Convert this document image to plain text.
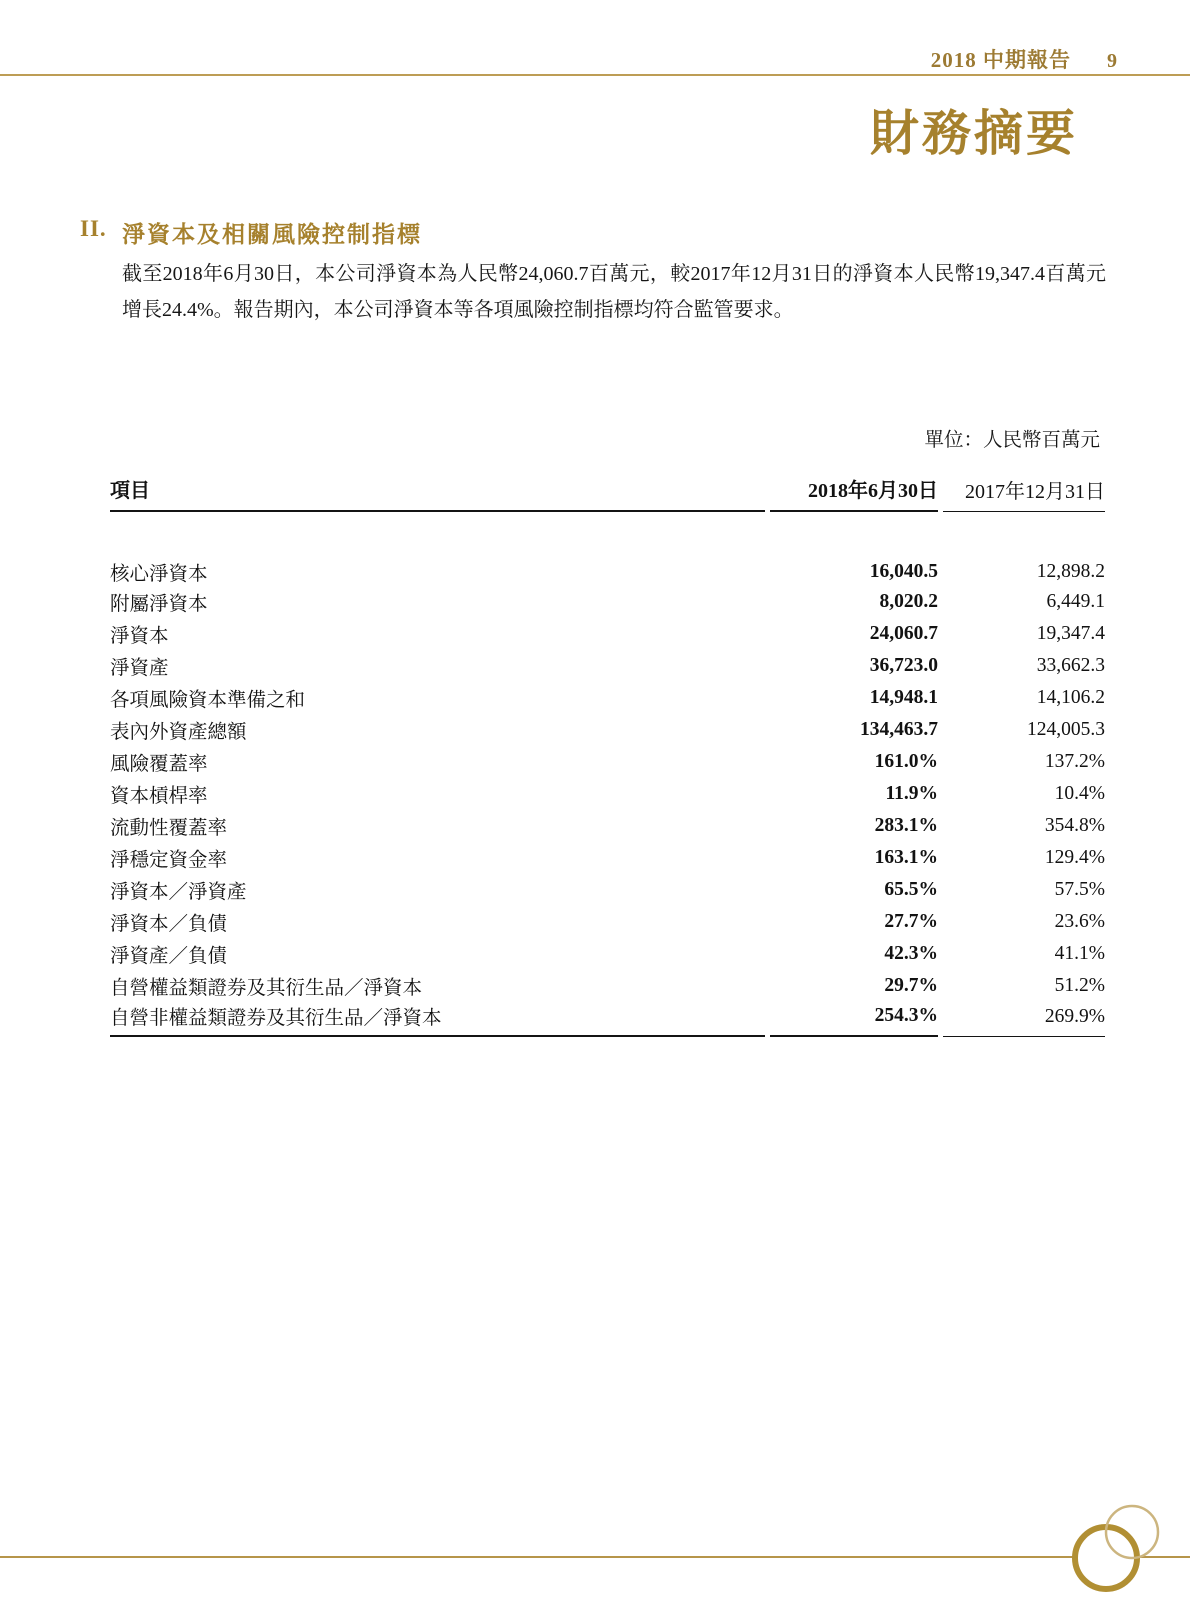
2018 中期報告 9
財務摘要
II. 淨資本及相關風險控制指標
截至2018年6月30日，本公司淨資本為人民幣24,060.7百萬元，較2017年12月31日的淨資本人民幣19,347.4百萬元增長24.4%。報告期內，本公司淨資本等各項風險控制指標均符合監管要求。
單位：人民幣百萬元
項目	2018年6月30日	2017年12月31日
核心淨資本	16,040.5	12,898.2
附屬淨資本	8,020.2	6,449.1
淨資本	24,060.7	19,347.4
淨資產	36,723.0	33,662.3
各項風險資本準備之和	14,948.1	14,106.2
表內外資產總額	134,463.7	124,005.3
風險覆蓋率	161.0%	137.2%
資本槓桿率	11.9%	10.4%
流動性覆蓋率	283.1%	354.8%
淨穩定資金率	163.1%	129.4%
淨資本／淨資產	65.5%	57.5%
淨資本／負債	27.7%	23.6%
淨資產／負債	42.3%	41.1%
自營權益類證券及其衍生品／淨資本	29.7%	51.2%
自營非權益類證券及其衍生品／淨資本	254.3%	269.9%
